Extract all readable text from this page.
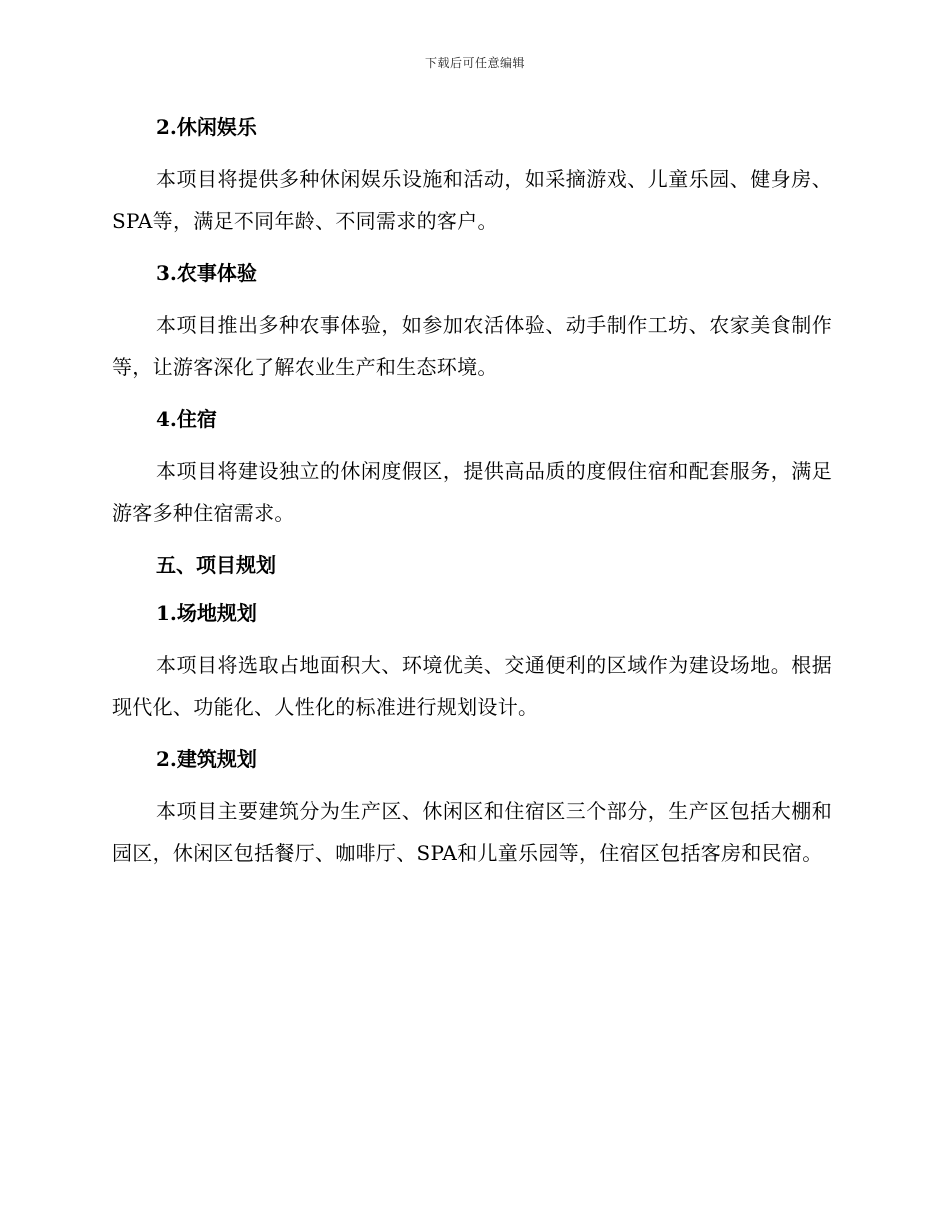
下载后可任意编辑
2.休闲娱乐
本项目将提供多种休闲娱乐设施和活动，如采摘游戏、儿童乐园、健身房、SPA等，满足不同年龄、不同需求的客户。
3.农事体验
本项目推出多种农事体验，如参加农活体验、动手制作工坊、农家美食制作等，让游客深化了解农业生产和生态环境。
4.住宿
本项目将建设独立的休闲度假区，提供高品质的度假住宿和配套服务，满足游客多种住宿需求。
五、项目规划
1.场地规划
本项目将选取占地面积大、环境优美、交通便利的区域作为建设场地。根据现代化、功能化、人性化的标准进行规划设计。
2.建筑规划
本项目主要建筑分为生产区、休闲区和住宿区三个部分，生产区包括大棚和园区，休闲区包括餐厅、咖啡厅、SPA和儿童乐园等，住宿区包括客房和民宿。
